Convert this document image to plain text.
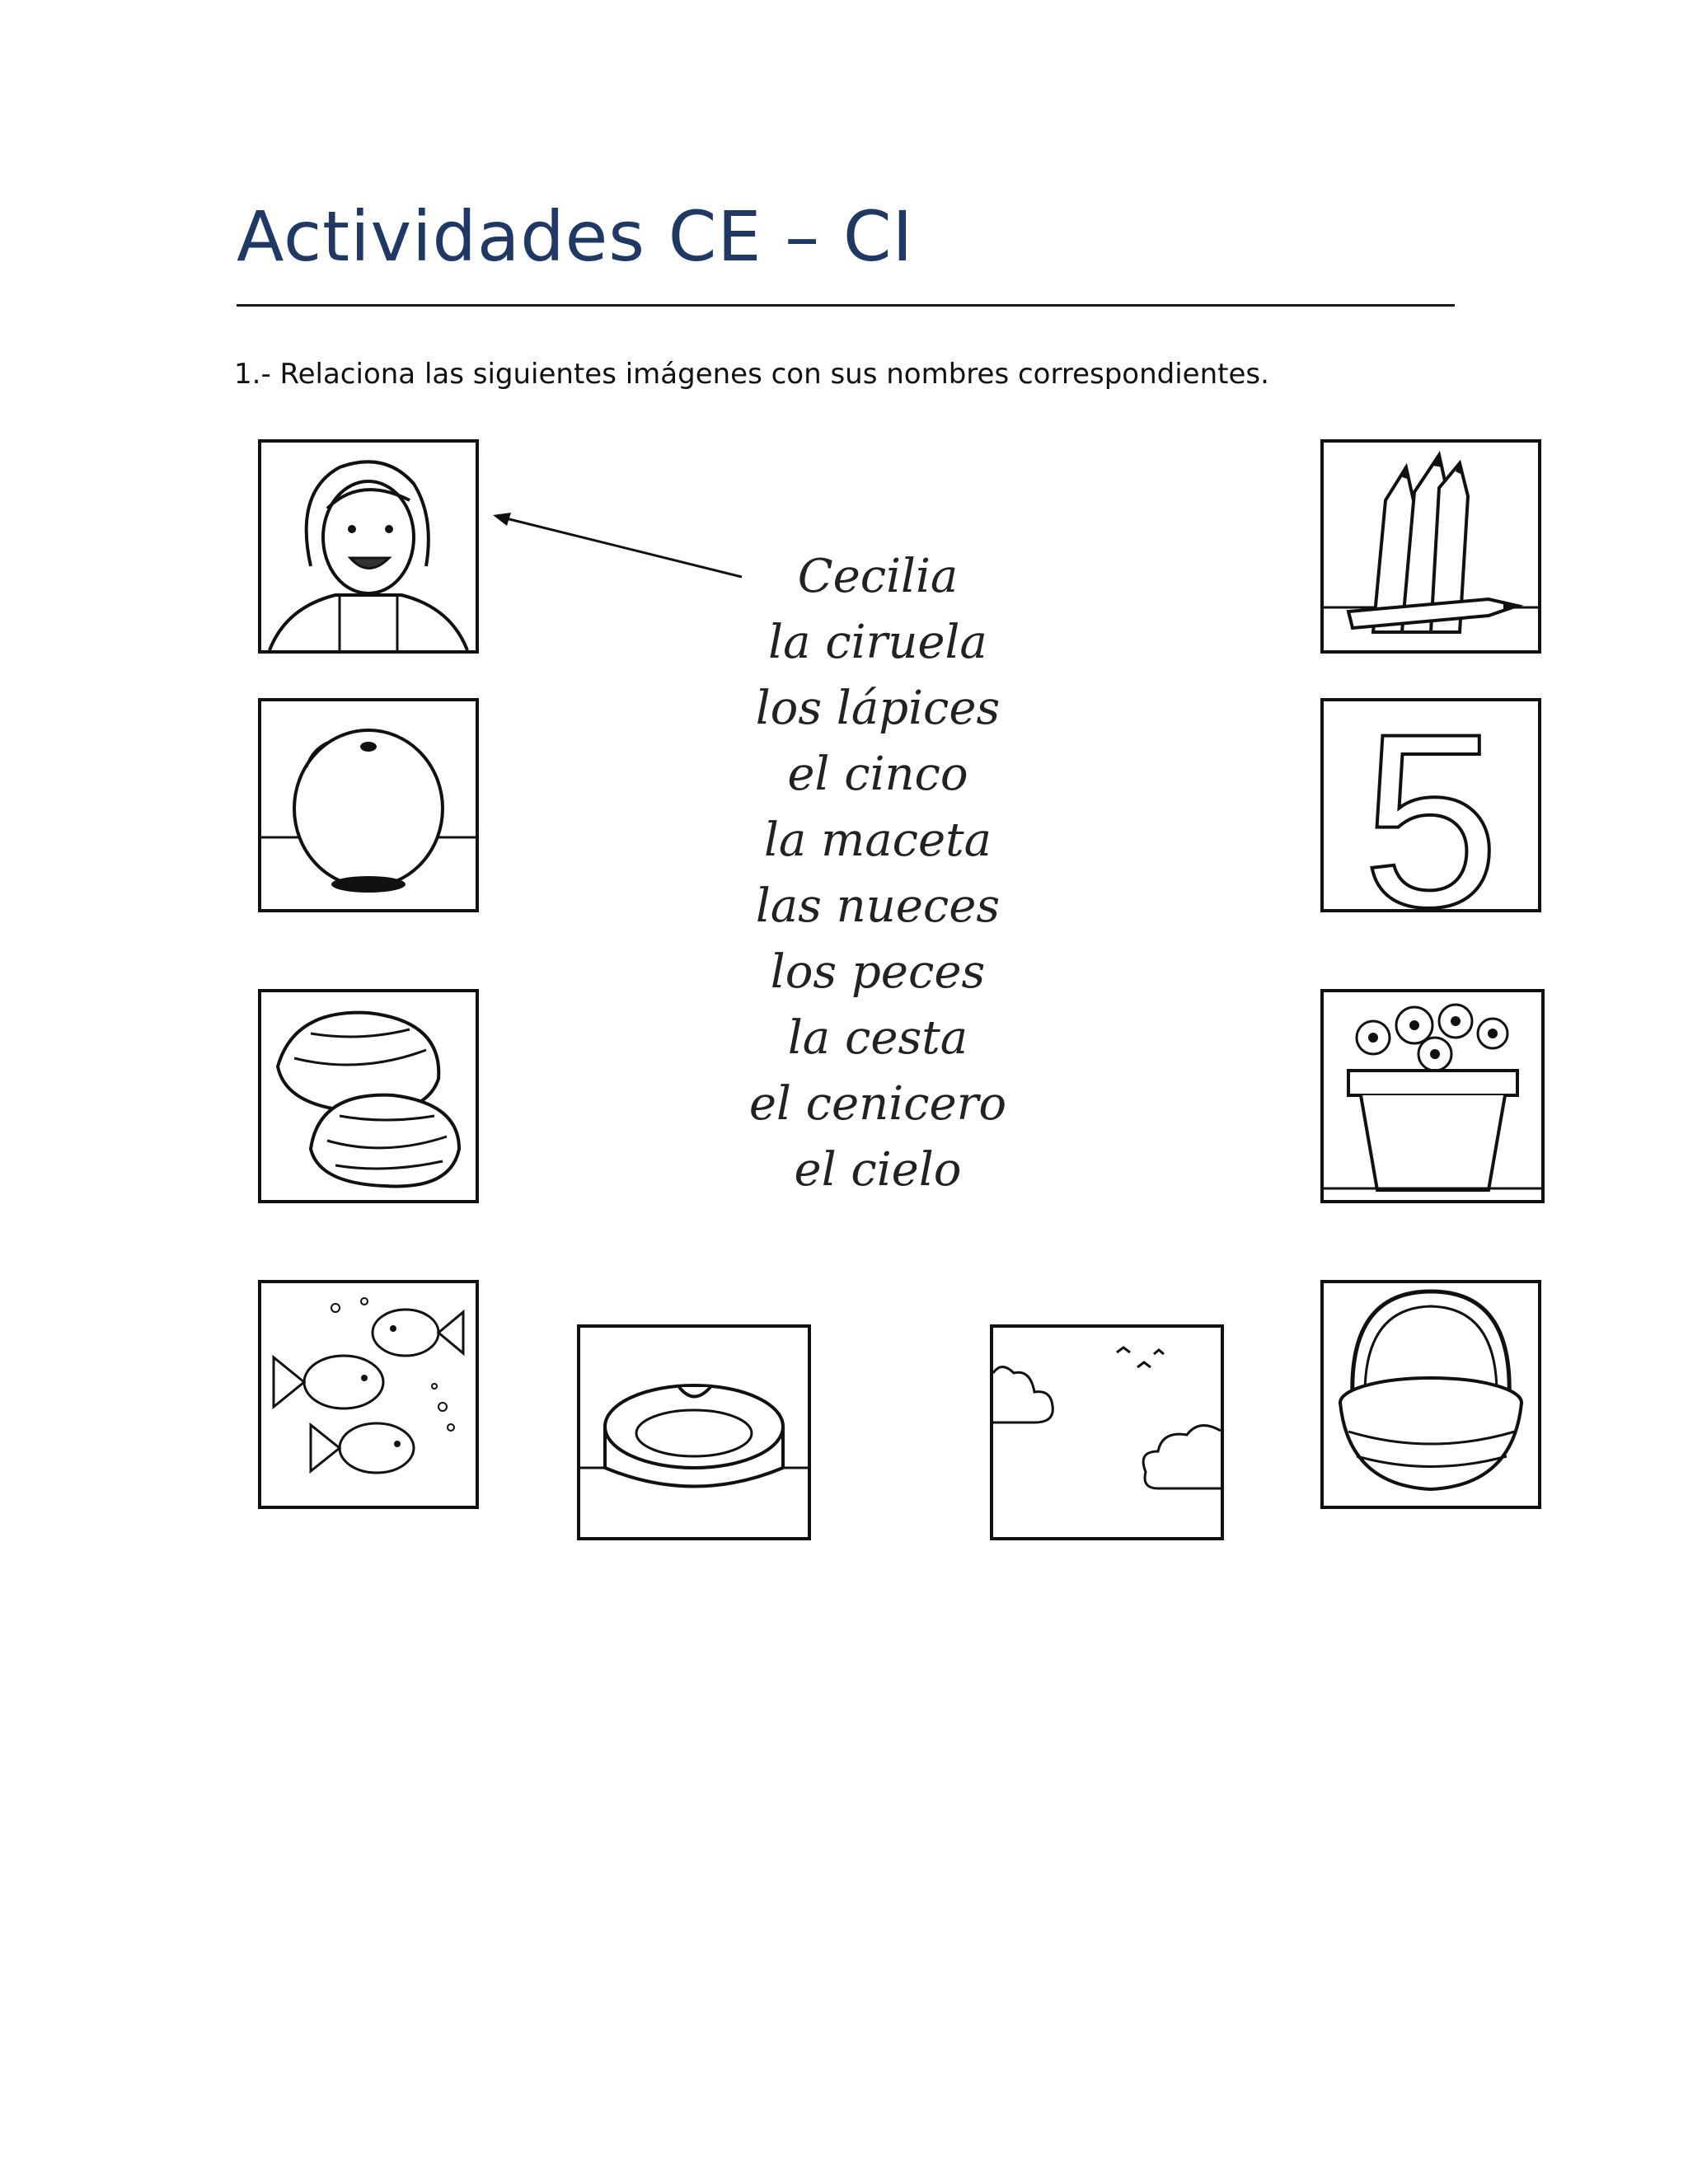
Actividades CE – CI
1.- Relaciona las siguientes imágenes con sus nombres correspondientes.
5
Cecilia
la ciruela
los lápices
el cinco
la maceta
las nueces
los peces
la cesta
el cenicero
el cielo
